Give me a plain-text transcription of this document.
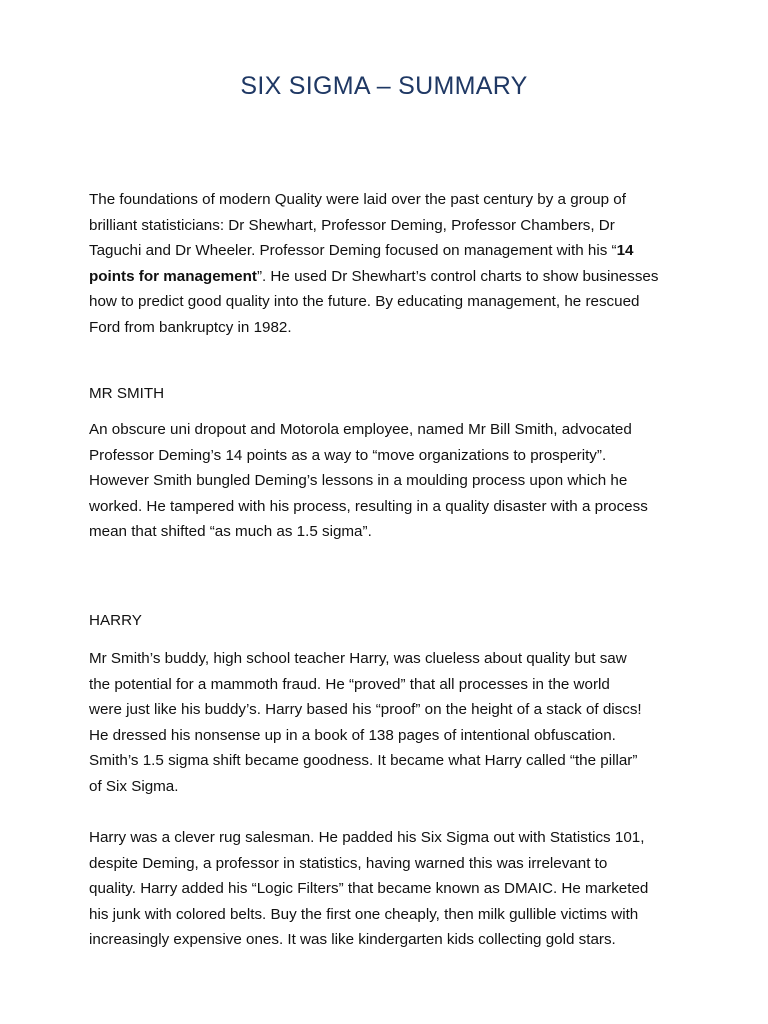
SIX SIGMA – SUMMARY
The foundations of modern Quality were laid over the past century by a group of
brilliant statisticians: Dr Shewhart, Professor Deming, Professor Chambers, Dr
Taguchi and Dr Wheeler. Professor Deming focused on management with his “14
points for management”. He used Dr Shewhart’s control charts to show businesses
how to predict good quality into the future. By educating management, he rescued
Ford from bankruptcy in 1982.
MR SMITH
An obscure uni dropout and Motorola employee, named Mr Bill Smith, advocated
Professor Deming’s 14 points as a way to “move organizations to prosperity”.
However Smith bungled Deming’s lessons in a moulding process upon which he
worked. He tampered with his process, resulting in a quality disaster with a process
mean that shifted “as much as 1.5 sigma”.
HARRY
Mr Smith’s buddy, high school teacher Harry, was clueless about quality but saw
the potential for a mammoth fraud. He “proved” that all processes in the world
were just like his buddy’s. Harry based his “proof” on the height of a stack of discs!
He dressed his nonsense up in a book of 138 pages of intentional obfuscation.
Smith’s 1.5 sigma shift became goodness. It became what Harry called “the pillar”
of Six Sigma.
Harry was a clever rug salesman. He padded his Six Sigma out with Statistics 101,
despite Deming, a professor in statistics, having warned this was irrelevant to
quality. Harry added his “Logic Filters” that became known as DMAIC. He marketed
his junk with colored belts. Buy the first one cheaply, then milk gullible victims with
increasingly expensive ones. It was like kindergarten kids collecting gold stars.
